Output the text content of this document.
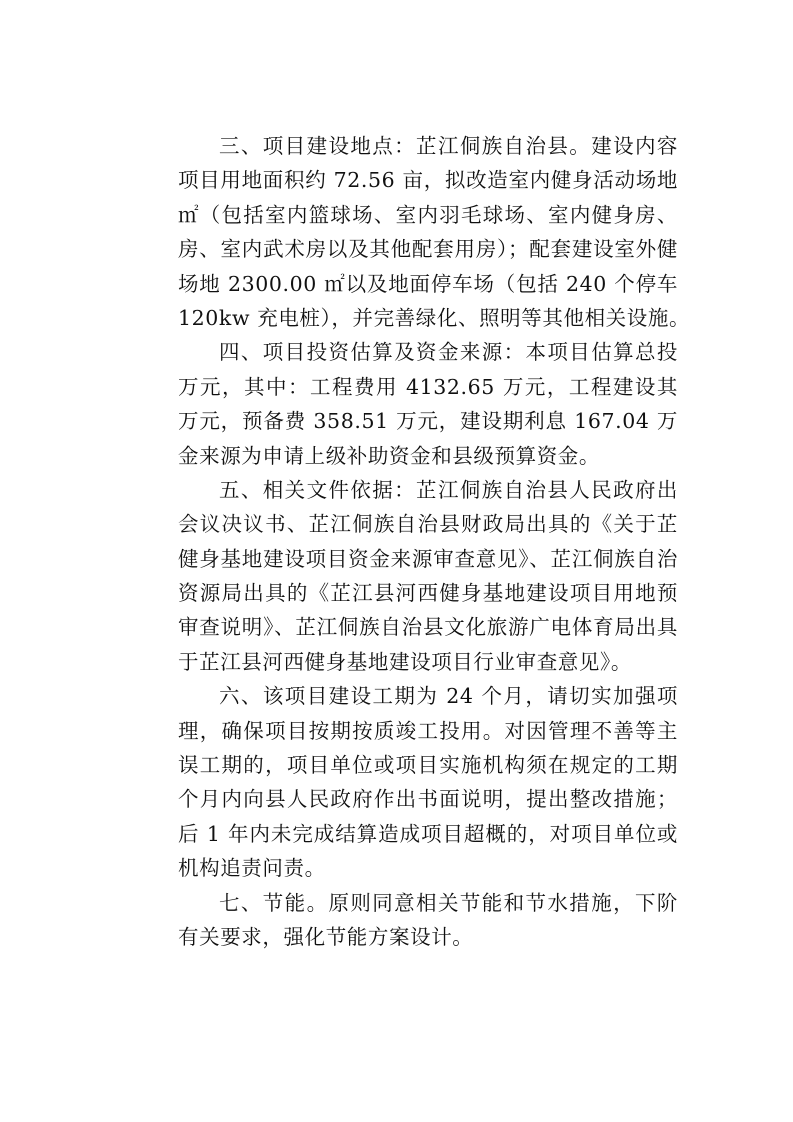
三、项目建设地点：芷江侗族自治县。建设内容
项目用地面积约 72.56 亩，拟改造室内健身活动场地
㎡（包括室内篮球场、室内羽毛球场、室内健身房、
房、室内武术房以及其他配套用房）；配套建设室外健
场地 2300.00 ㎡以及地面停车场（包括 240 个停车
120kw 充电桩），并完善绿化、照明等其他相关设施。
四、项目投资估算及资金来源：本项目估算总投
万元，其中：工程费用 4132.65 万元，工程建设其
万元，预备费 358.51 万元，建设期利息 167.04 万
金来源为申请上级补助资金和县级预算资金。
五、相关文件依据：芷江侗族自治县人民政府出
会议决议书、芷江侗族自治县财政局出具的《关于芷
健身基地建设项目资金来源审查意见》、芷江侗族自治
资源局出具的《芷江县河西健身基地建设项目用地预
审查说明》、芷江侗族自治县文化旅游广电体育局出具
于芷江县河西健身基地建设项目行业审查意见》。
六、该项目建设工期为 24 个月，请切实加强项
理，确保项目按期按质竣工投用。对因管理不善等主
误工期的，项目单位或项目实施机构须在规定的工期
个月内向县人民政府作出书面说明，提出整改措施；
后 1 年内未完成结算造成项目超概的，对项目单位或
机构追责问责。
七、节能。原则同意相关节能和节水措施，下阶
有关要求，强化节能方案设计。
